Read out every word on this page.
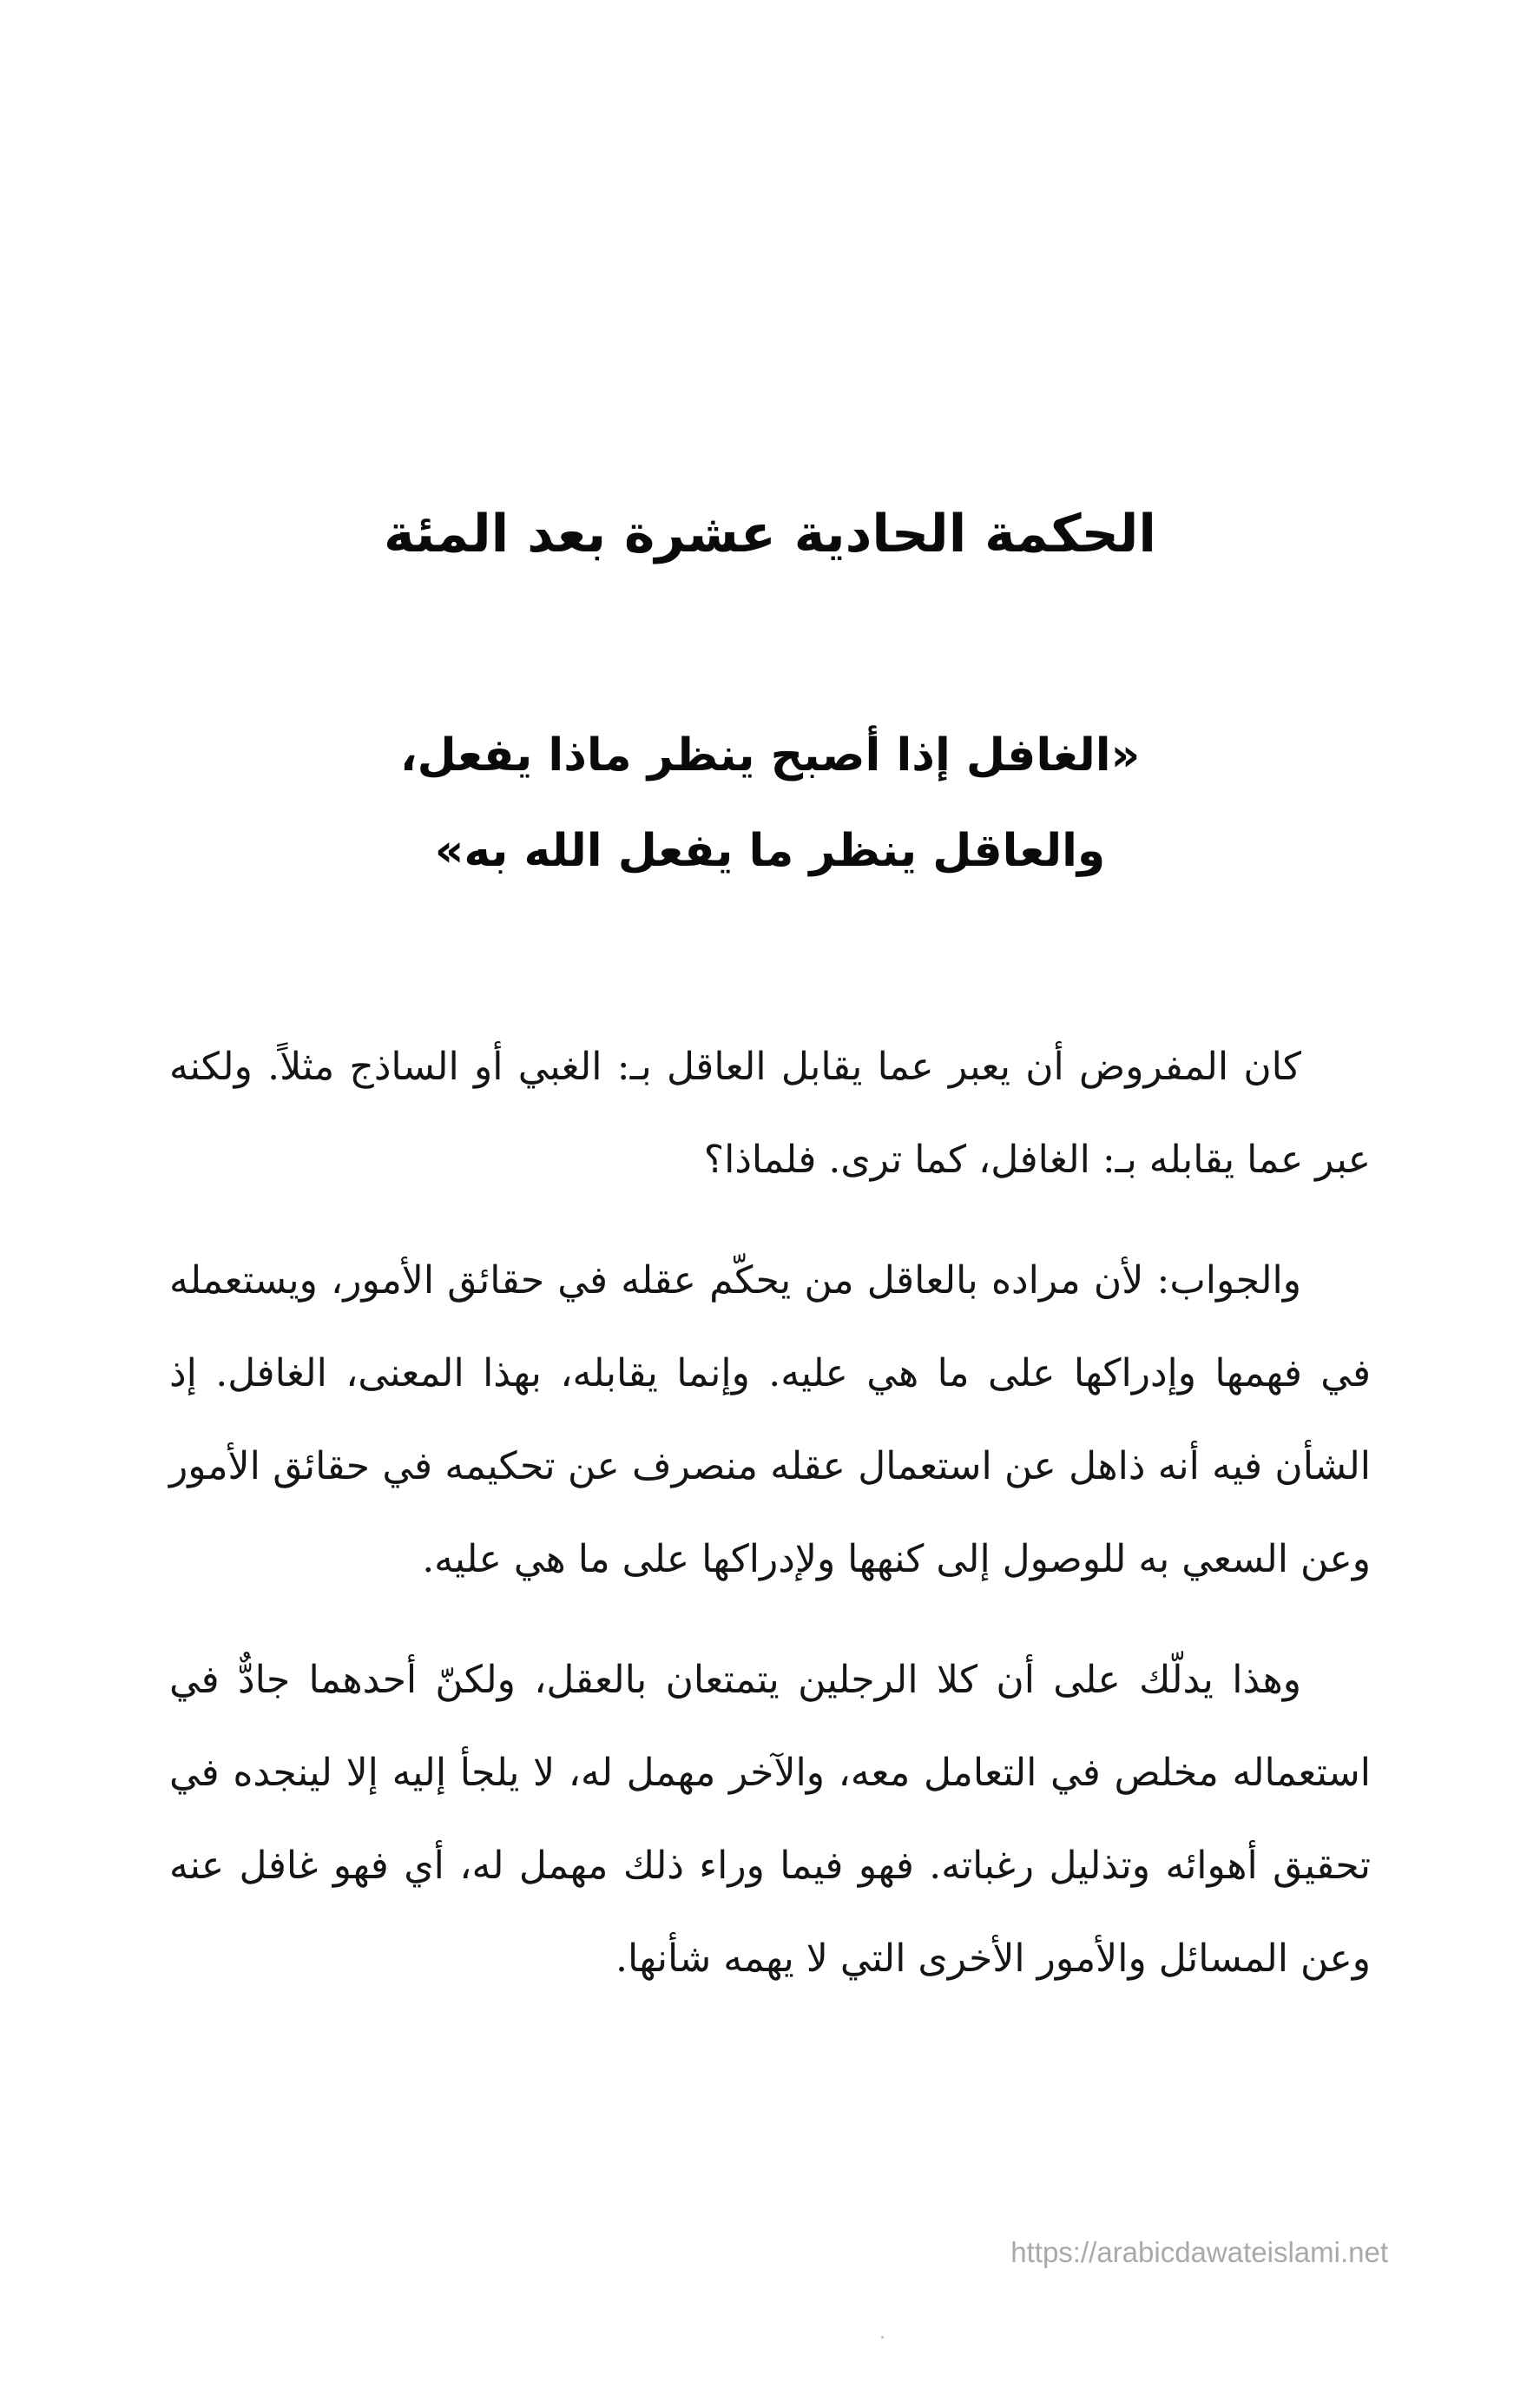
الحكمة الحادية عشرة بعد المئة
«الغافل إذا أصبح ينظر ماذا يفعل،
والعاقل ينظر ما يفعل الله به»

كان المفروض أن يعبر عما يقابل العاقل بـ: الغبي أو الساذج مثلاً. ولكنه عبر عما يقابله بـ: الغافل، كما ترى. فلماذا؟

والجواب: لأن مراده بالعاقل من يحكّم عقله في حقائق الأمور، ويستعمله في فهمها وإدراكها على ما هي عليه. وإنما يقابله، بهذا المعنى، الغافل. إذ الشأن فيه أنه ذاهل عن استعمال عقله منصرف عن تحكيمه في حقائق الأمور وعن السعي به للوصول إلى كنهها ولإدراكها على ما هي عليه.

وهذا يدلّك على أن كلا الرجلين يتمتعان بالعقل، ولكنّ أحدهما جادٌّ في استعماله مخلص في التعامل معه، والآخر مهمل له، لا يلجأ إليه إلا لينجده في تحقيق أهوائه وتذليل رغباته. فهو فيما وراء ذلك مهمل له، أي فهو غافل عنه وعن المسائل والأمور الأخرى التي لا يهمه شأنها.

https://arabicdawateislami.net
